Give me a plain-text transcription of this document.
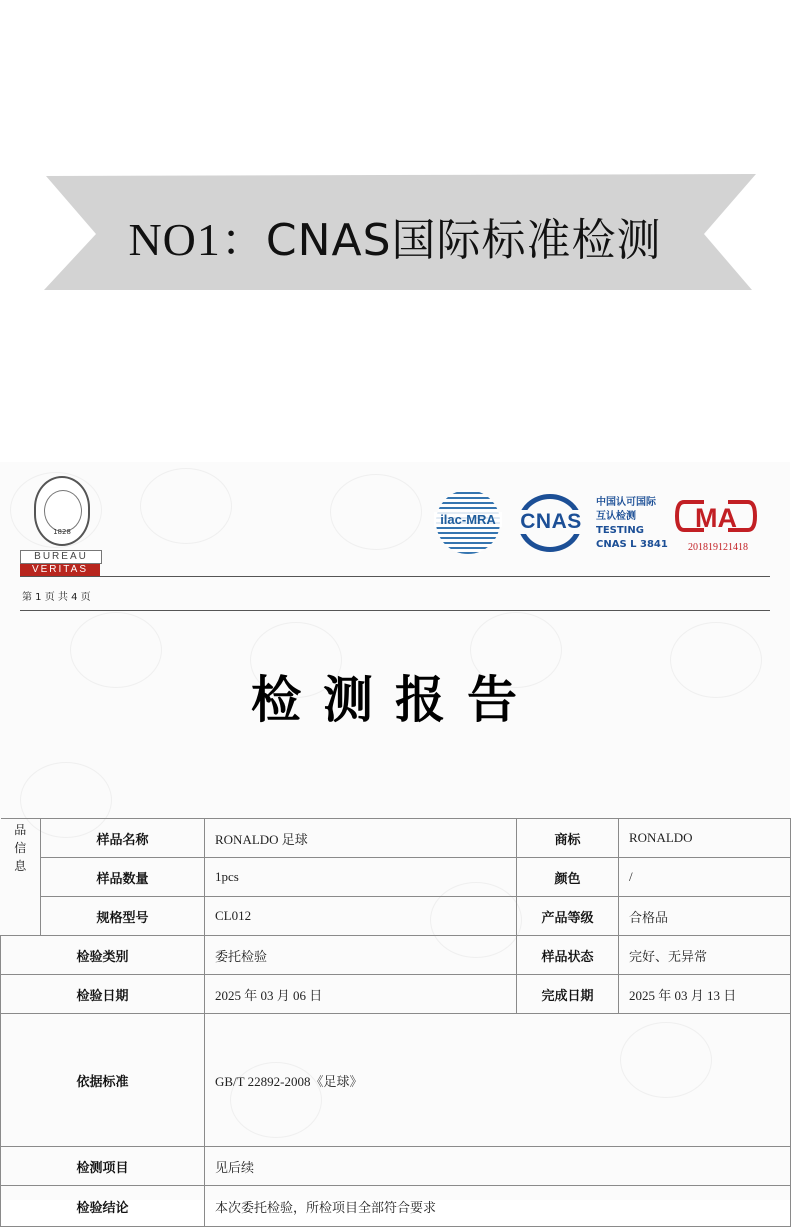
NO1：CNAS国际标准检测
1828
BUREAU
VERITAS
ilac-MRA CNAS
中国认可国际
互认检测
TESTING
CNAS L 3841
MA
201819121418
第 1 页 共 4 页
检测报告
品
信
息	样品名称	RONALDO 足球	商标	RONALDO
	样品数量	1pcs	颜色	/
	规格型号	CL012	产品等级	合格品
检验类别		委托检验	样品状态	完好、无异常
检验日期		2025 年 03 月 06 日	完成日期	2025 年 03 月 13 日
依据标准		GB/T 22892-2008《足球》		
检测项目		见后续		
检验结论		本次委托检验，所检项目全部符合要求		
